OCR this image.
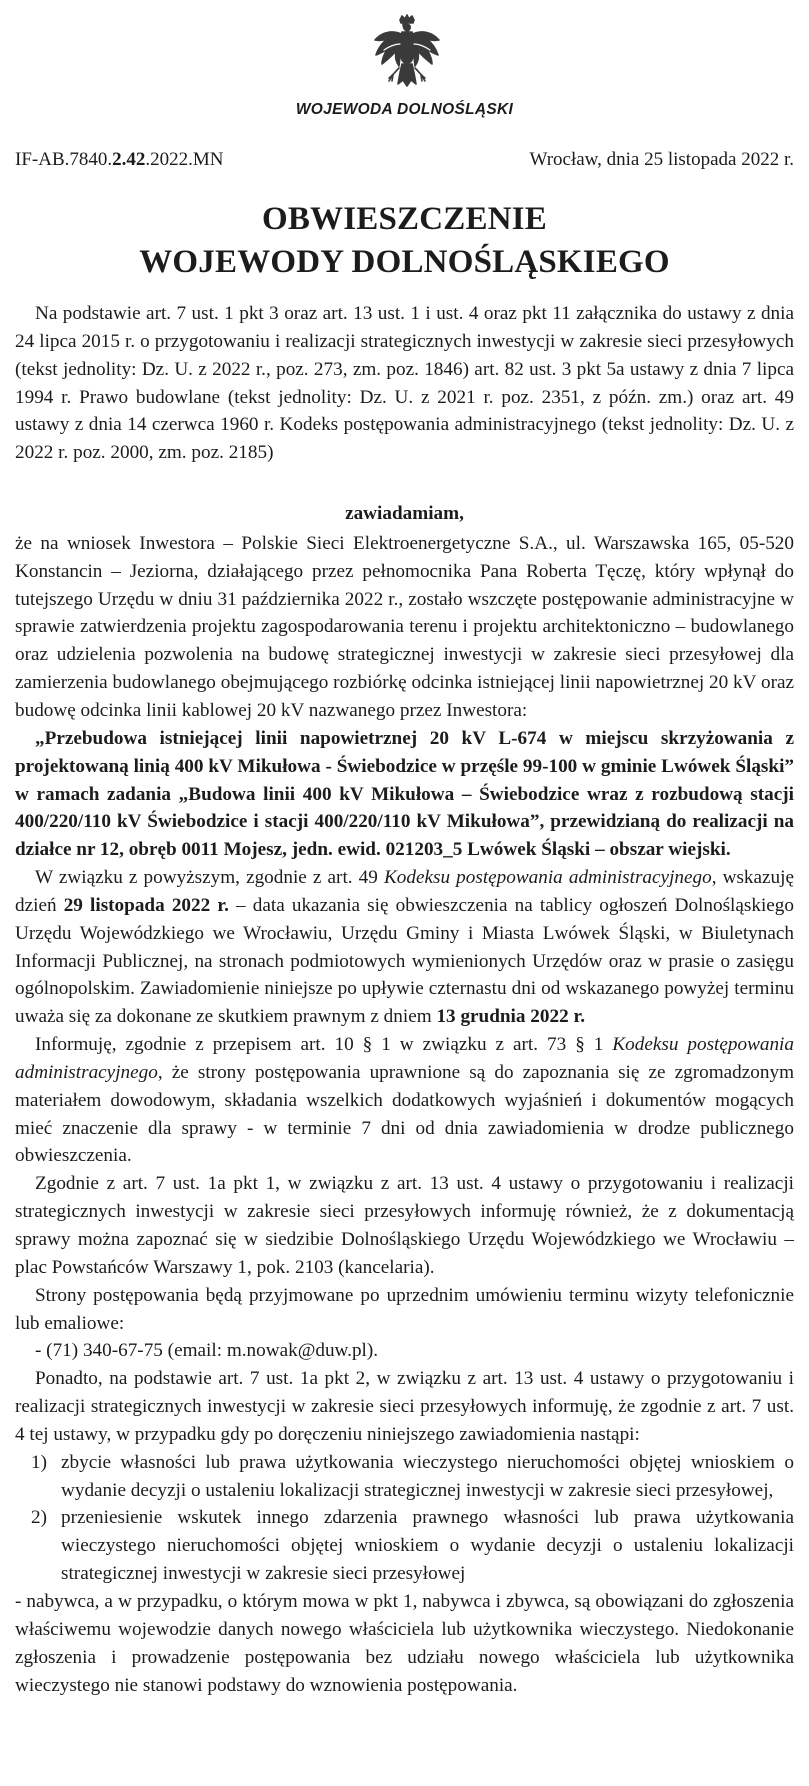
WOJEWODA DOLNOŚLĄSKI
IF-AB.7840.2.42.2022.MN	Wrocław, dnia 25 listopada 2022 r.
OBWIESZCZENIE
WOJEWODY DOLNOŚLĄSKIEGO

Na podstawie art. 7 ust. 1 pkt 3 oraz art. 13 ust. 1 i ust. 4 oraz pkt 11 załącznika do ustawy z dnia 24 lipca 2015 r. o przygotowaniu i realizacji strategicznych inwestycji w zakresie sieci przesyłowych (tekst jednolity: Dz. U. z 2022 r., poz. 273, zm. poz. 1846) art. 82 ust. 3 pkt 5a ustawy z dnia 7 lipca 1994 r. Prawo budowlane (tekst jednolity: Dz. U. z 2021 r. poz. 2351, z późn. zm.) oraz art. 49 ustawy z dnia 14 czerwca 1960 r. Kodeks postępowania administracyjnego (tekst jednolity: Dz. U. z 2022 r. poz. 2000, zm. poz. 2185)

zawiadamiam,

że na wniosek Inwestora – Polskie Sieci Elektroenergetyczne S.A., ul. Warszawska 165, 05-520 Konstancin – Jeziorna, działającego przez pełnomocnika Pana Roberta Tęczę, który wpłynął do tutejszego Urzędu w dniu 31 października 2022 r., zostało wszczęte postępowanie administracyjne w sprawie zatwierdzenia projektu zagospodarowania terenu i projektu architektoniczno – budowlanego oraz udzielenia pozwolenia na budowę strategicznej inwestycji w zakresie sieci przesyłowej dla zamierzenia budowlanego obejmującego rozbiórkę odcinka istniejącej linii napowietrznej 20 kV oraz budowę odcinka linii kablowej 20 kV nazwanego przez Inwestora:

„Przebudowa istniejącej linii napowietrznej 20 kV L-674 w miejscu skrzyżowania z projektowaną linią 400 kV Mikułowa - Świebodzice w przęśle 99-100 w gminie Lwówek Śląski” w ramach zadania „Budowa linii 400 kV Mikułowa – Świebodzice wraz z rozbudową stacji 400/220/110 kV Świebodzice i stacji 400/220/110 kV Mikułowa”, przewidzianą do realizacji na działce nr 12, obręb 0011 Mojesz, jedn. ewid. 021203_5 Lwówek Śląski – obszar wiejski.

W związku z powyższym, zgodnie z art. 49 Kodeksu postępowania administracyjnego, wskazuję dzień 29 listopada 2022 r. – data ukazania się obwieszczenia na tablicy ogłoszeń Dolnośląskiego Urzędu Wojewódzkiego we Wrocławiu, Urzędu Gminy i Miasta Lwówek Śląski, w Biuletynach Informacji Publicznej, na stronach podmiotowych wymienionych Urzędów oraz w prasie o zasięgu ogólnopolskim. Zawiadomienie niniejsze po upływie czternastu dni od wskazanego powyżej terminu uważa się za dokonane ze skutkiem prawnym z dniem 13 grudnia 2022 r.

Informuję, zgodnie z przepisem art. 10 § 1 w związku z art. 73 § 1 Kodeksu postępowania administracyjnego, że strony postępowania uprawnione są do zapoznania się ze zgromadzonym materiałem dowodowym, składania wszelkich dodatkowych wyjaśnień i dokumentów mogących mieć znaczenie dla sprawy - w terminie 7 dni od dnia zawiadomienia w drodze publicznego obwieszczenia.

Zgodnie z art. 7 ust. 1a pkt 1, w związku z art. 13 ust. 4 ustawy o przygotowaniu i realizacji strategicznych inwestycji w zakresie sieci przesyłowych informuję również, że z dokumentacją sprawy można zapoznać się w siedzibie Dolnośląskiego Urzędu Wojewódzkiego we Wrocławiu – plac Powstańców Warszawy 1, pok. 2103 (kancelaria).

Strony postępowania będą przyjmowane po uprzednim umówieniu terminu wizyty telefonicznie lub emaliowe:

- (71) 340-67-75 (email: m.nowak@duw.pl).

Ponadto, na podstawie art. 7 ust. 1a pkt 2, w związku z art. 13 ust. 4 ustawy o przygotowaniu i realizacji strategicznych inwestycji w zakresie sieci przesyłowych informuję, że zgodnie z art. 7 ust. 4 tej ustawy, w przypadku gdy po doręczeniu niniejszego zawiadomienia nastąpi:

1) zbycie własności lub prawa użytkowania wieczystego nieruchomości objętej wnioskiem o wydanie decyzji o ustaleniu lokalizacji strategicznej inwestycji w zakresie sieci przesyłowej,
2) przeniesienie wskutek innego zdarzenia prawnego własności lub prawa użytkowania wieczystego nieruchomości objętej wnioskiem o wydanie decyzji o ustaleniu lokalizacji strategicznej inwestycji w zakresie sieci przesyłowej

- nabywca, a w przypadku, o którym mowa w pkt 1, nabywca i zbywca, są obowiązani do zgłoszenia właściwemu wojewodzie danych nowego właściciela lub użytkownika wieczystego. Niedokonanie zgłoszenia i prowadzenie postępowania bez udziału nowego właściciela lub użytkownika wieczystego nie stanowi podstawy do wznowienia postępowania.
